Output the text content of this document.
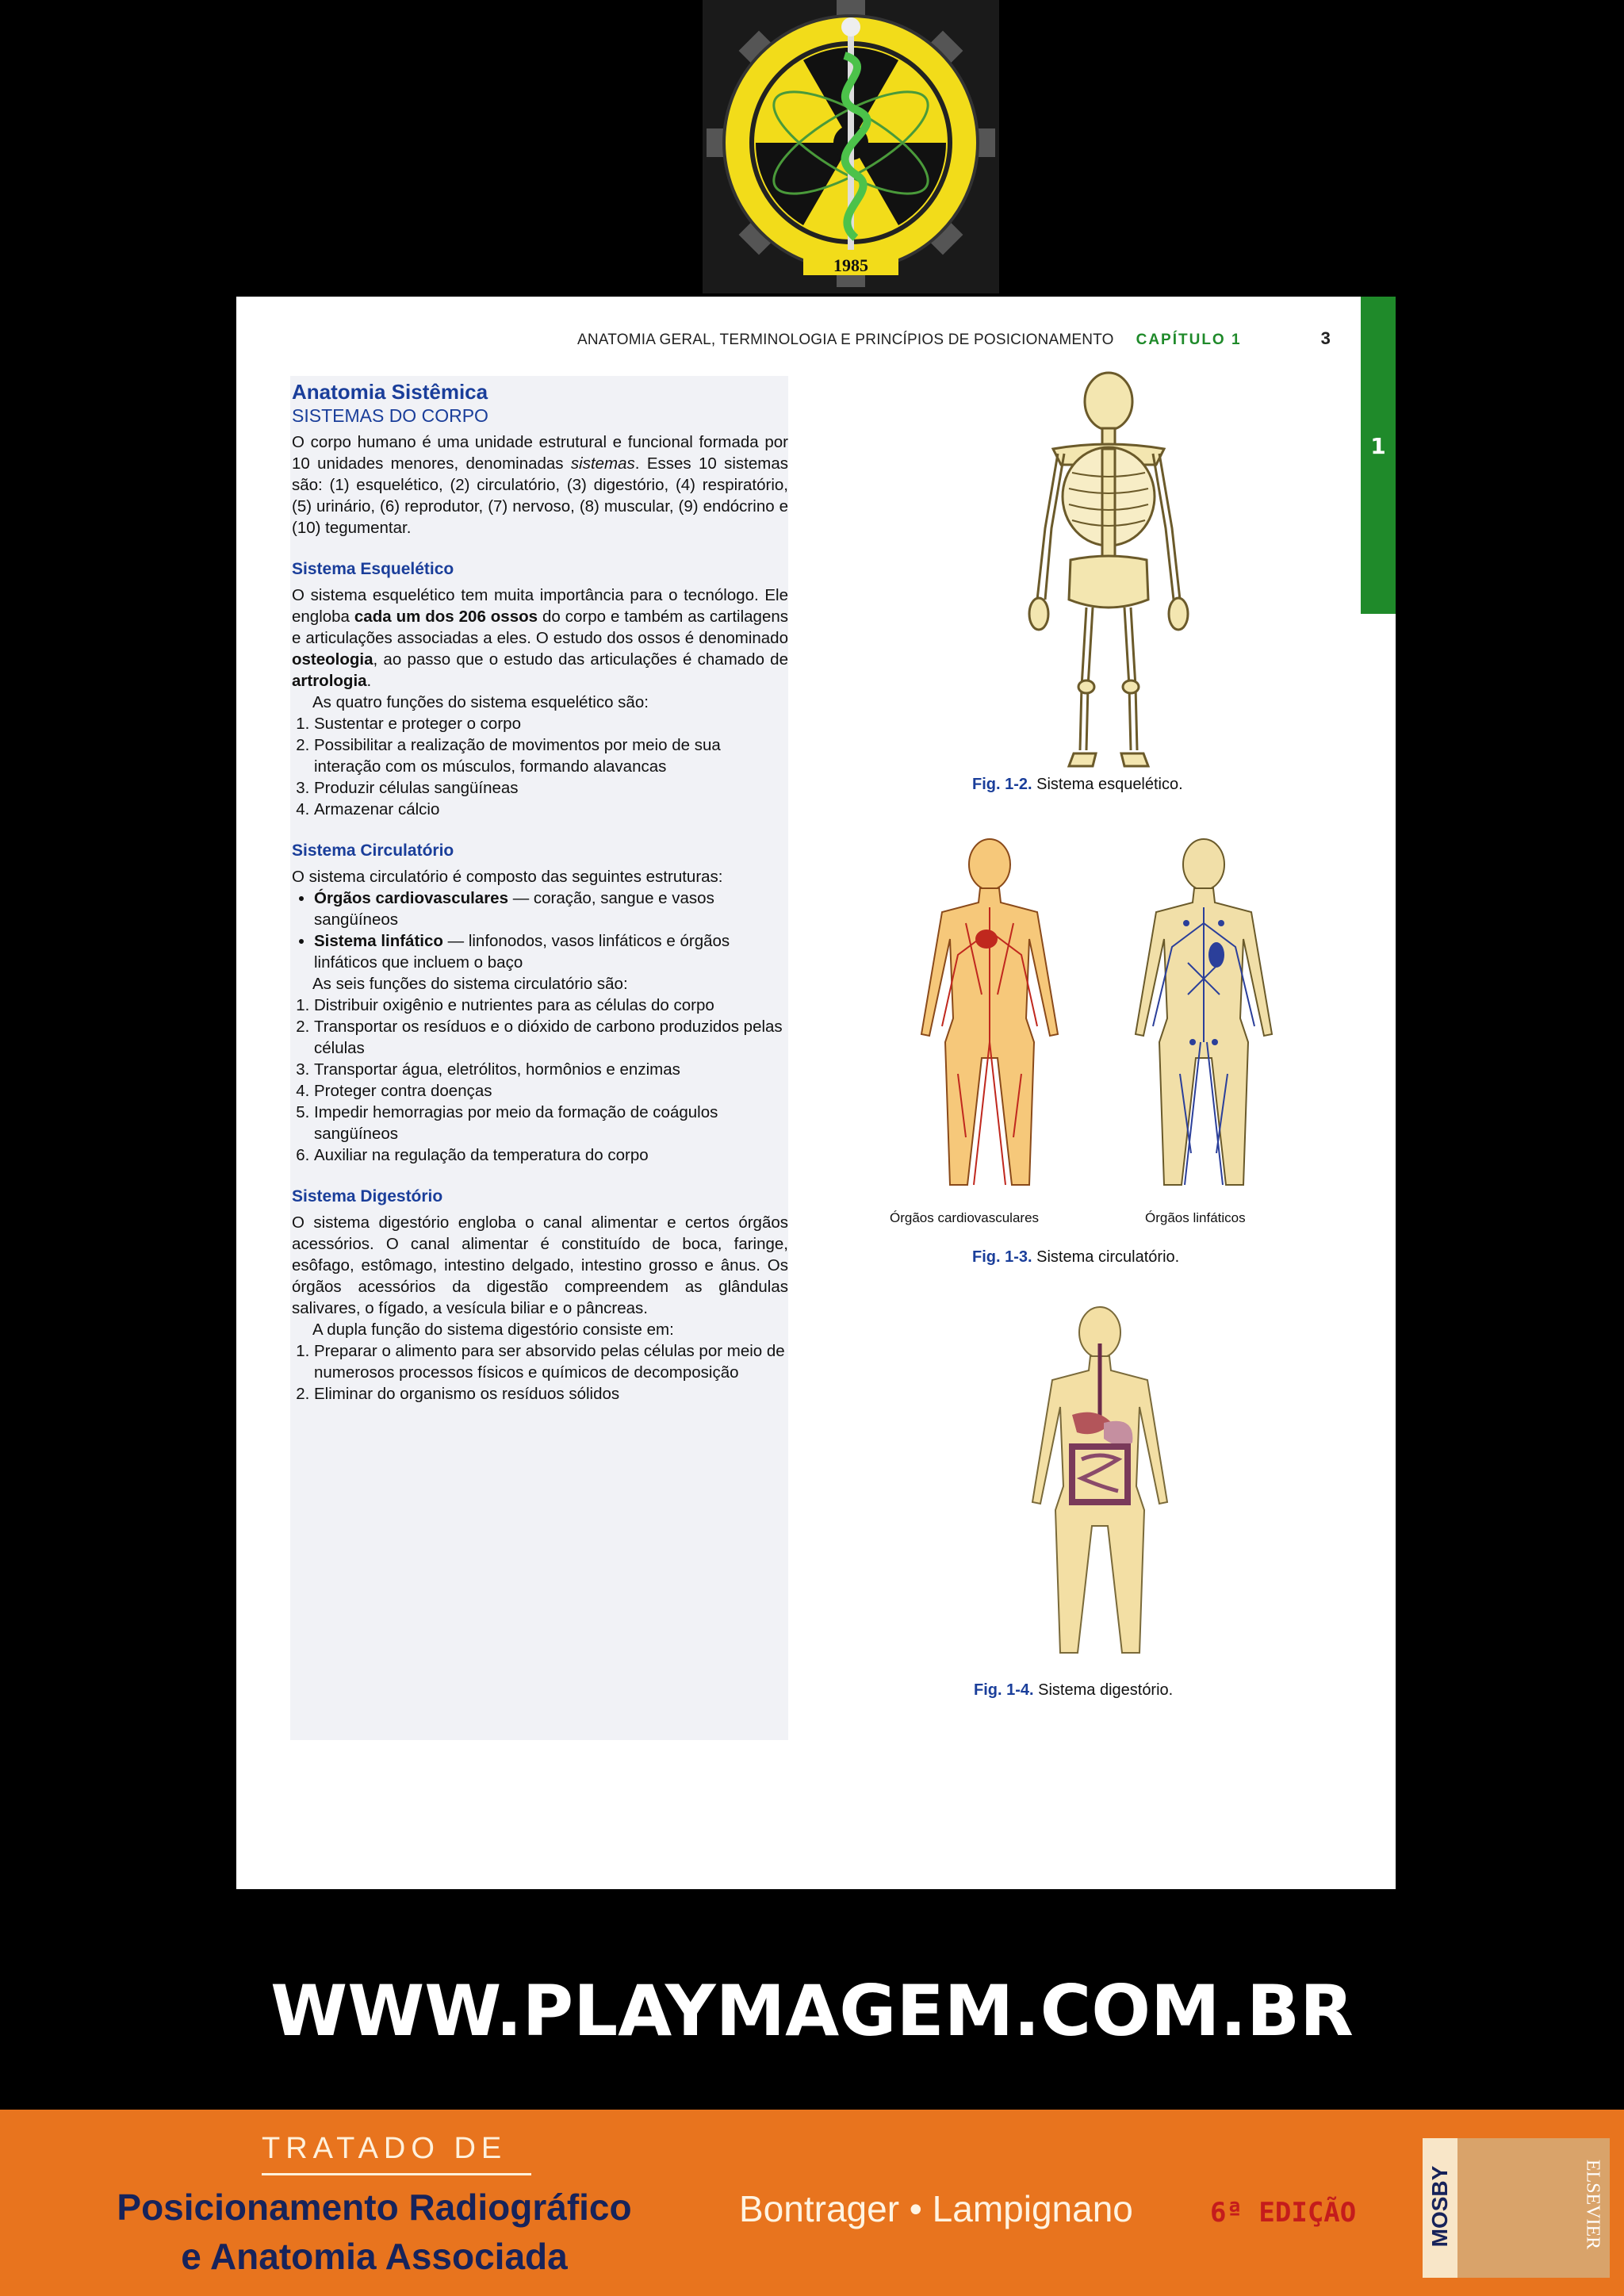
1985
1
ANATOMIA GERAL, TERMINOLOGIA E PRINCÍPIOS DE POSICIONAMENTO CAPÍTULO 1	3
Anatomia Sistêmica
SISTEMAS DO CORPO

O corpo humano é uma unidade estrutural e funcional formada por 10 unidades menores, denominadas sistemas. Esses 10 sistemas são: (1) esquelético, (2) circulatório, (3) digestório, (4) respiratório, (5) urinário, (6) reprodutor, (7) nervoso, (8) muscular, (9) endócrino e (10) tegumentar.

Sistema Esquelético

O sistema esquelético tem muita importância para o tecnólogo. Ele engloba cada um dos 206 ossos do corpo e também as cartilagens e articulações associadas a eles. O estudo dos ossos é denominado osteologia, ao passo que o estudo das articulações é chamado de artrologia.

As quatro funções do sistema esquelético são:

1. Sustentar e proteger o corpo
2. Possibilitar a realização de movimentos por meio de sua interação com os músculos, formando alavancas
3. Produzir células sangüíneas
4. Armazenar cálcio
Sistema Circulatório

O sistema circulatório é composto das seguintes estruturas:

• Órgãos cardiovasculares — coração, sangue e vasos sangüíneos
• Sistema linfático — linfonodos, vasos linfáticos e órgãos linfáticos que incluem o baço

As seis funções do sistema circulatório são:

1. Distribuir oxigênio e nutrientes para as células do corpo
2. Transportar os resíduos e o dióxido de carbono produzidos pelas células
3. Transportar água, eletrólitos, hormônios e enzimas
4. Proteger contra doenças
5. Impedir hemorragias por meio da formação de coágulos sangüíneos
6. Auxiliar na regulação da temperatura do corpo
Sistema Digestório

O sistema digestório engloba o canal alimentar e certos órgãos acessórios. O canal alimentar é constituído de boca, faringe, esôfago, estômago, intestino delgado, intestino grosso e ânus. Os órgãos acessórios da digestão compreendem as glândulas salivares, o fígado, a vesícula biliar e o pâncreas.

A dupla função do sistema digestório consiste em:

1. Preparar o alimento para ser absorvido pelas células por meio de numerosos processos físicos e químicos de decomposição
2. Eliminar do organismo os resíduos sólidos
Fig. 1-2. Sistema esquelético.
Órgãos cardiovasculares	Órgãos linfáticos
Fig. 1-3. Sistema circulatório.
Fig. 1-4. Sistema digestório.
WWW.PLAYMAGEM.COM.BR
TRATADO DE
Posicionamento Radiográfico
e Anatomia Associada
Bontrager • Lampignano	6ª EDIÇÃO	MOSBY	ELSEVIER
